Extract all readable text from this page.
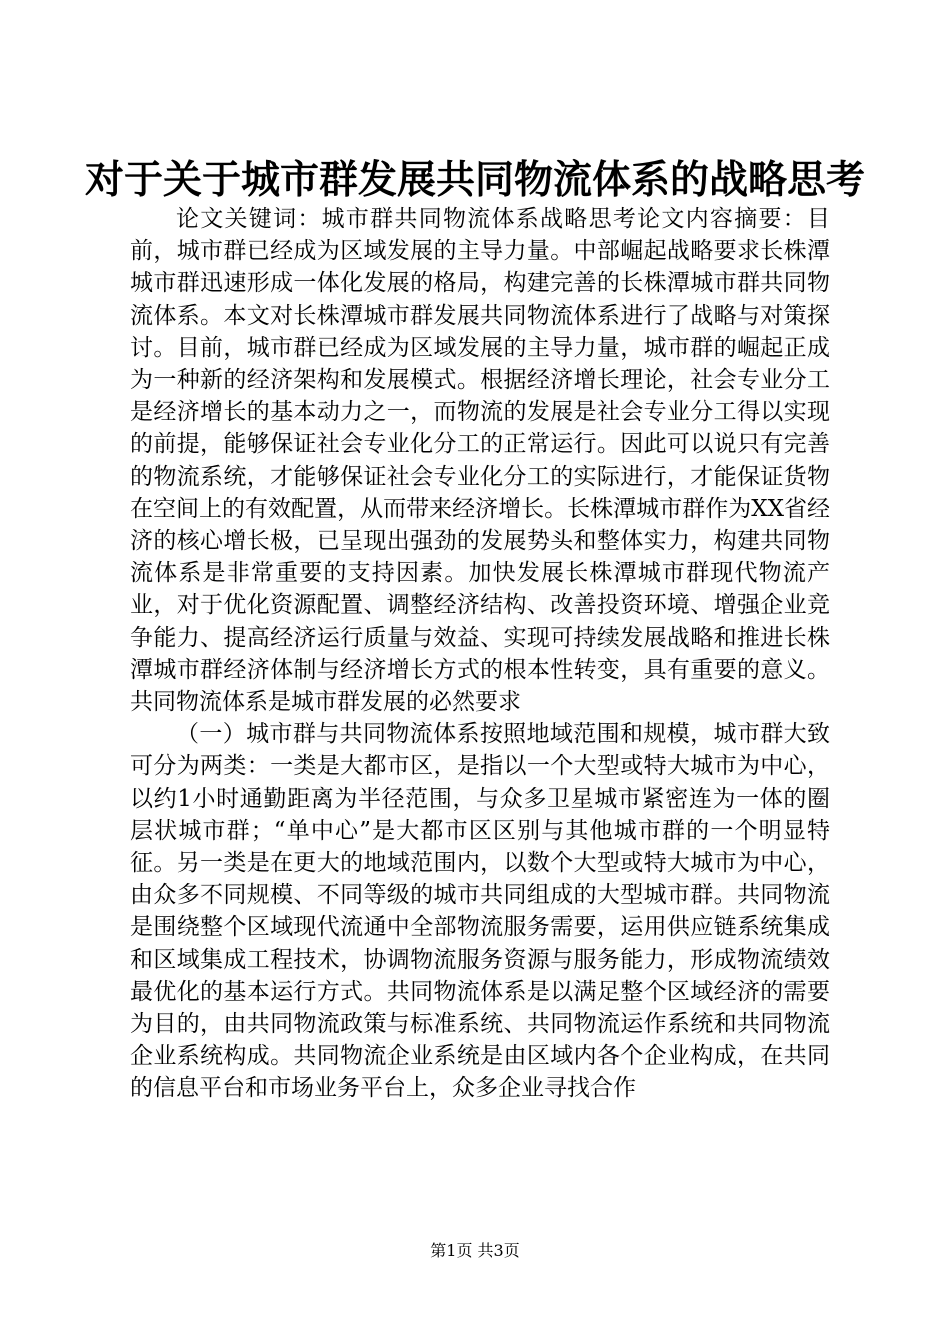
对于关于城市群发展共同物流体系的战略思考

论文关键词：城市群共同物流体系战略思考论文内容摘要：目前，城市群已经成为区域发展的主导力量。中部崛起战略要求长株潭城市群迅速形成一体化发展的格局，构建完善的长株潭城市群共同物流体系。本文对长株潭城市群发展共同物流体系进行了战略与对策探讨。目前，城市群已经成为区域发展的主导力量，城市群的崛起正成为一种新的经济架构和发展模式。根据经济增长理论，社会专业分工是经济增长的基本动力之一，而物流的发展是社会专业分工得以实现的前提，能够保证社会专业化分工的正常运行。因此可以说只有完善的物流系统，才能够保证社会专业化分工的实际进行，才能保证货物在空间上的有效配置，从而带来经济增长。长株潭城市群作为XX省经济的核心增长极，已呈现出强劲的发展势头和整体实力，构建共同物流体系是非常重要的支持因素。加快发展长株潭城市群现代物流产业，对于优化资源配置、调整经济结构、改善投资环境、增强企业竞争能力、提高经济运行质量与效益、实现可持续发展战略和推进长株潭城市群经济体制与经济增长方式的根本性转变，具有重要的意义。共同物流体系是城市群发展的必然要求

（一）城市群与共同物流体系按照地域范围和规模，城市群大致可分为两类：一类是大都市区，是指以一个大型或特大城市为中心，以约1小时通勤距离为半径范围，与众多卫星城市紧密连为一体的圈层状城市群；“单中心”是大都市区区别与其他城市群的一个明显特征。另一类是在更大的地域范围内，以数个大型或特大城市为中心，由众多不同规模、不同等级的城市共同组成的大型城市群。共同物流是围绕整个区域现代流通中全部物流服务需要，运用供应链系统集成和区域集成工程技术，协调物流服务资源与服务能力，形成物流绩效最优化的基本运行方式。共同物流体系是以满足整个区域经济的需要为目的，由共同物流政策与标准系统、共同物流运作系统和共同物流企业系统构成。共同物流企业系统是由区域内各个企业构成，在共同的信息平台和市场业务平台上，众多企业寻找合作

第1页 共3页
